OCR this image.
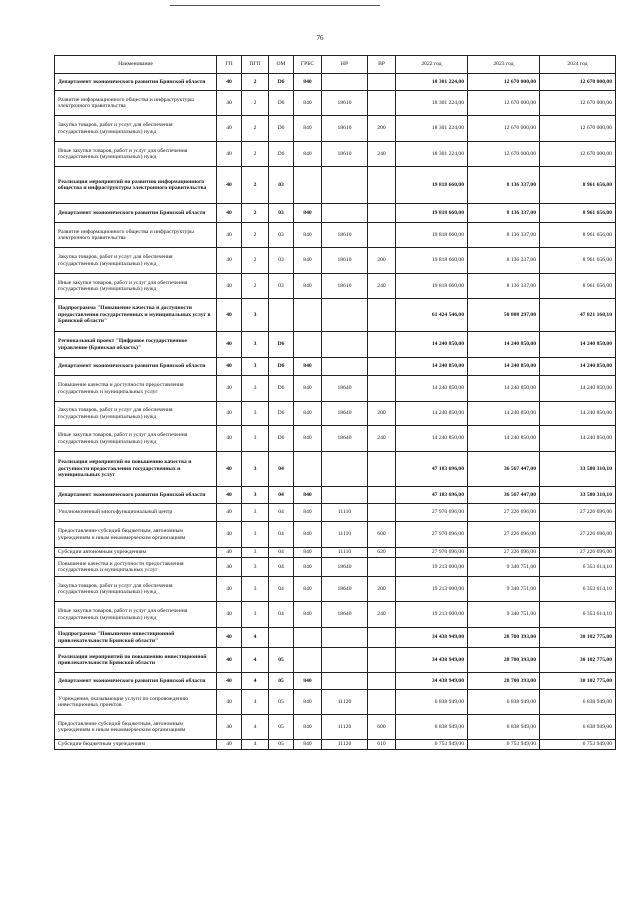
76
Наименование	ГП	ПГП	ОМ	ГРБС	НР	ВР	2022 год	2023 год	2024 год
Департамент экономического развития Брянской области	40	2	D6	840			18 301 224,00	12 670 000,00	12 670 000,00
Развитие информационного общества и инфраструктуры электронного правительства	40	2	D6	840	18610		18 301 224,00	12 670 000,00	12 670 000,00
Закупка товаров, работ и услуг для обеспечения государственных (муниципальных) нужд	40	2	D6	840	18610	200	18 301 224,00	12 670 000,00	12 670 000,00
Иные закупки товаров, работ и услуг для обеспечения государственных (муниципальных) нужд	40	2	D6	840	18610	240	18 301 224,00	12 670 000,00	12 670 000,00
Реализация мероприятий по развитию информационного общества и инфраструктуры электронного правительства	40	2	03				19 818 660,00	8 136 337,00	8 961 656,00
Департамент экономического развития Брянской области	40	2	03	840			19 818 660,00	8 136 337,00	8 961 656,00
Развитие информационного общества и инфраструктуры электронного правительства	40	2	03	840	18610		19 818 660,00	8 136 337,00	8 961 656,00
Закупка товаров, работ и услуг для обеспечения государственных (муниципальных) нужд	40	2	03	840	18610	200	19 818 660,00	8 136 337,00	8 961 656,00
Иные закупки товаров, работ и услуг для обеспечения государственных (муниципальных) нужд	40	2	03	840	18610	240	19 818 660,00	8 136 337,00	8 961 656,00
Подпрограмма "Повышение качества и доступности предоставления государственных и муниципальных услуг в Брянской области"	40	3					61 424 546,00	50 808 297,00	47 821 160,10
Региональный проект "Цифровое государственное управление (Брянская область)"	40	3	D6				14 240 850,00	14 240 850,00	14 240 850,00
Департамент экономического развития Брянской области	40	3	D6	840			14 240 850,00	14 240 850,00	14 240 850,00
Повышение качества и доступности предоставления государственных и муниципальных услуг	40	3	D6	840	18640		14 240 850,00	14 240 850,00	14 240 850,00
Закупка товаров, работ и услуг для обеспечения государственных (муниципальных) нужд	40	3	D6	840	18640	200	14 240 850,00	14 240 850,00	14 240 850,00
Иные закупки товаров, работ и услуг для обеспечения государственных (муниципальных) нужд	40	3	D6	840	18640	240	14 240 850,00	14 240 850,00	14 240 850,00
Реализация мероприятий по повышению качества и доступности предоставления государственных и муниципальных услуг	40	3	04				47 183 696,00	36 567 447,00	33 580 310,10
Департамент экономического развития Брянской области	40	3	04	840			47 183 696,00	36 567 447,00	33 580 310,10
Уполномоченный многофункциональный центр	40	3	04	840	11110		27 970 696,00	27 226 696,00	27 226 696,00
Предоставление субсидий бюджетным, автономным учреждениям и иным некоммерческим организациям	40	3	04	840	11110	600	27 970 696,00	27 226 696,00	27 226 696,00
Субсидии автономным учреждениям	40	3	04	840	11110	620	27 970 696,00	27 226 696,00	27 226 696,00
Повышение качества и доступности предоставления государственных и муниципальных услуг	40	3	04	840	18640		19 213 000,00	9 340 751,00	6 353 614,10
Закупка товаров, работ и услуг для обеспечения государственных (муниципальных) нужд	40	3	04	840	18640	200	19 213 000,00	9 340 751,00	6 353 614,10
Иные закупки товаров, работ и услуг для обеспечения государственных (муниципальных) нужд	40	3	04	840	18640	240	19 213 000,00	9 340 751,00	6 353 614,10
Подпрограмма "Повышение инвестиционной привлекательности Брянской области"	40	4					34 438 949,00	28 700 393,00	30 102 775,00
Реализация мероприятий по повышению инвестиционной привлекательности Брянской области	40	4	05				34 438 949,00	28 700 393,00	30 102 775,00
Департамент экономического развития Брянской области	40	4	05	840			34 438 949,00	28 700 393,00	30 102 775,00
Учреждения, оказывающие услуги по сопровождению инвестиционных проектов	40	4	05	840	11120		6 838 949,00	6 838 949,00	6 838 949,00
Предоставление субсидий бюджетным, автономным учреждениям и иным некоммерческим организациям	40	4	05	840	11120	600	6 838 949,00	6 838 949,00	6 838 949,00
Субсидии бюджетным учреждениям	40	4	05	840	11120	610	6 753 949,00	6 753 949,00	6 753 949,00
